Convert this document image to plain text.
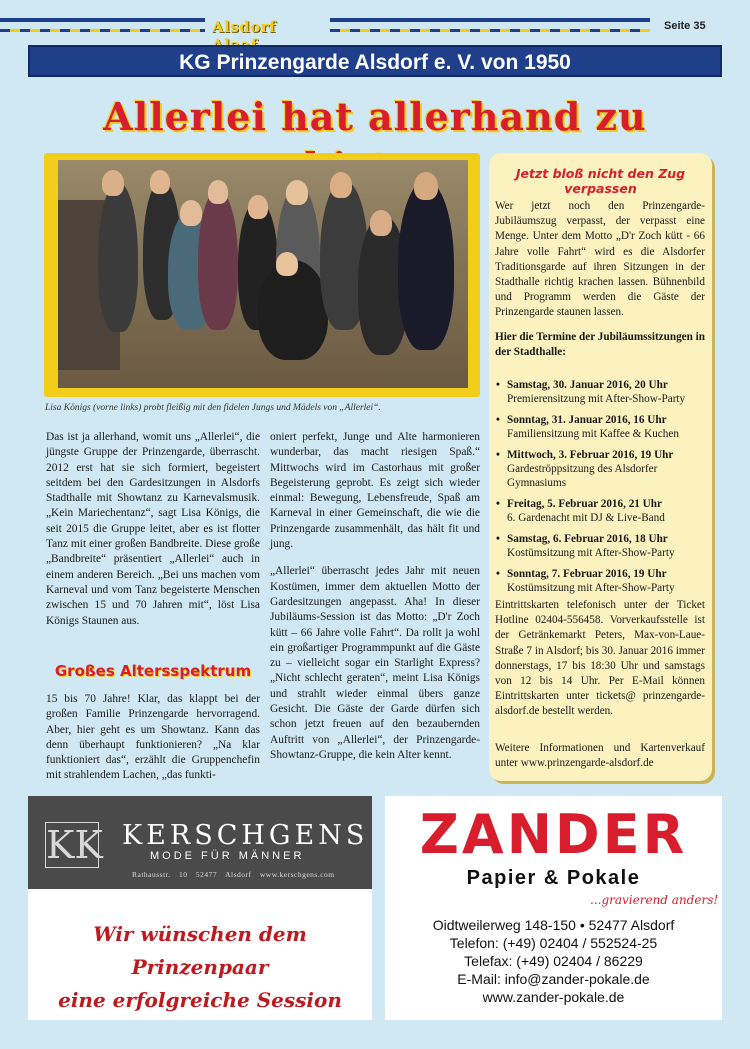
Alsdorf	Seite 35
KG Prinzengarde Alsdorf e. V. von 1950
Allerlei hat allerhand zu
Lisa Königs (vorne links) probt fleißig mit den fidelen Jungs und Mädels von „Allerlei“.

Das ist ja allerhand, womit uns „Allerlei“, die jüngste Gruppe der Prinzengarde, überrascht. 2012 erst hat sie sich formiert, begeistert seitdem bei den Gardesitzungen in Alsdorfs Stadthalle mit Showtanz zu Karnevalsmusik. „Kein Mariechentanz“, sagt Lisa Königs, die seit 2015 die Gruppe leitet, aber es ist flotter Tanz mit einer großen Bandbreite. Diese große „Bandbreite“ präsentiert „Allerlei“ auch in einem anderen Bereich. „Bei uns machen vom Karneval und vom Tanz begeisterte Menschen zwischen 15 und 70 Jahren mit“, löst Lisa Königs Staunen aus.

Großes Altersspektrum

15 bis 70 Jahre! Klar, das klappt bei der großen Familie Prinzengarde hervorragend. Aber, hier geht es um Showtanz. Kann das denn überhaupt funktionieren? „Na klar funktioniert das“, erzählt die Gruppenchefin mit strahlendem Lachen, „das funkti-

oniert perfekt, Junge und Alte harmonieren wunderbar, das macht riesigen Spaß.“ Mittwochs wird im Castorhaus mit großer Begeisterung geprobt. Es zeigt sich wieder einmal: Bewegung, Lebensfreude, Spaß am Karneval in einer Gemeinschaft, die wie die Prinzengarde zusammenhält, das hält fit und jung.

„Allerlei“ überrascht jedes Jahr mit neuen Kostümen, immer dem aktuellen Motto der Gardesitzungen angepasst. Aha! In dieser Jubiläums-Session ist das Motto: „D'r Zoch kütt – 66 Jahre volle Fahrt“. Da rollt ja wohl ein großartiger Programmpunkt auf die Gäste zu – vielleicht sogar ein Starlight Express? „Nicht schlecht geraten“, meint Lisa Königs und strahlt wieder einmal übers ganze Gesicht. Die Gäste der Garde dürfen sich schon jetzt freuen auf den bezaubernden Auftritt von „Allerlei“, der Prinzengarde-Showtanz-Gruppe, die kein Alter kennt.

Jetzt bloß nicht den Zug verpassen
Wer jetzt noch den Prinzengarde-Jubiläumszug verpasst, der verpasst eine Menge. Unter dem Motto „D'r Zoch kütt - 66 Jahre volle Fahrt“ wird es die Alsdorfer Traditionsgarde auf ihren Sitzungen in der Stadthalle richtig krachen lassen. Bühnenbild und Programm werden die Gäste der Prinzengarde staunen lassen.
Hier die Termine der Jubiläumssitzungen in der Stadthalle:
• Samstag, 30. Januar 2016, 20 Uhr
Premierensitzung mit After-Show-Party
• Sonntag, 31. Januar 2016, 16 Uhr
Familiensitzung mit Kaffee & Kuchen
• Mittwoch, 3. Februar 2016, 19 Uhr
Gardeströppsitzung des Alsdorfer Gymnasiums
• Freitag, 5. Februar 2016, 21 Uhr
6. Gardenacht mit DJ & Live-Band
• Samstag, 6. Februar 2016, 18 Uhr
Kostümsitzung mit After-Show-Party
• Sonntag, 7. Februar 2016, 19 Uhr
Kostümsitzung mit After-Show-Party
Eintrittskarten telefonisch unter der Ticket Hotline 02404-556458. Vorverkaufsstelle ist der Getränkemarkt Peters, Max-von-Laue-Straße 7 in Alsdorf; bis 30. Januar 2016 immer donnerstags, 17 bis 18:30 Uhr und samstags von 12 bis 14 Uhr. Per E-Mail können Eintrittskarten unter tickets@ prinzengarde-alsdorf.de bestellt werden.
Weitere Informationen und Kartenverkauf unter www.prinzengarde-alsdorf.de
KK KERSCHGENS
MODE FÜR MÄNNER
Rathausstr. 10 52477 Alsdorf www.kerschgens.com
Wir wünschen dem Prinzenpaar
eine erfolgreiche Session
ZANDER
Papier & Pokale
...gravierend anders!
Oidtweilerweg 148-150 • 52477 Alsdorf
Telefon: (+49) 02404 / 552524-25
Telefax: (+49) 02404 / 86229
E-Mail: info@zander-pokale.de
www.zander-pokale.de
